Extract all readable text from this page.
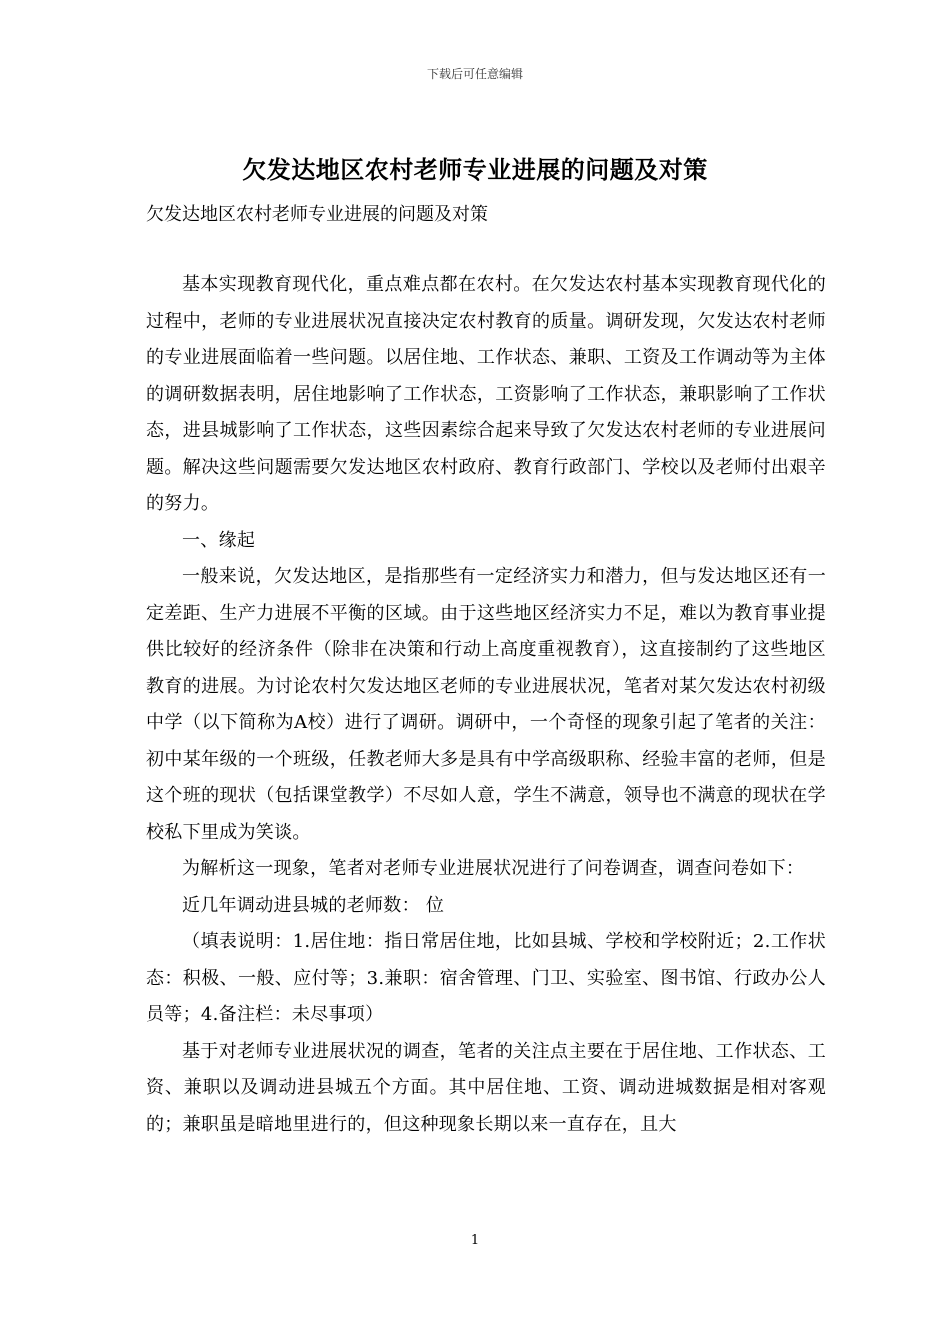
下载后可任意编辑
欠发达地区农村老师专业进展的问题及对策
欠发达地区农村老师专业进展的问题及对策

基本实现教育现代化，重点难点都在农村。在欠发达农村基本实现教育现代化的过程中，老师的专业进展状况直接决定农村教育的质量。调研发现，欠发达农村老师的专业进展面临着一些问题。以居住地、工作状态、兼职、工资及工作调动等为主体的调研数据表明，居住地影响了工作状态，工资影响了工作状态，兼职影响了工作状态，进县城影响了工作状态，这些因素综合起来导致了欠发达农村老师的专业进展问题。解决这些问题需要欠发达地区农村政府、教育行政部门、学校以及老师付出艰辛的努力。

一、缘起

一般来说，欠发达地区，是指那些有一定经济实力和潜力，但与发达地区还有一定差距、生产力进展不平衡的区域。由于这些地区经济实力不足，难以为教育事业提供比较好的经济条件（除非在决策和行动上高度重视教育），这直接制约了这些地区教育的进展。为讨论农村欠发达地区老师的专业进展状况，笔者对某欠发达农村初级中学（以下简称为A校）进行了调研。调研中，一个奇怪的现象引起了笔者的关注：初中某年级的一个班级，任教老师大多是具有中学高级职称、经验丰富的老师，但是这个班的现状（包括课堂教学）不尽如人意，学生不满意，领导也不满意的现状在学校私下里成为笑谈。

为解析这一现象，笔者对老师专业进展状况进行了问卷调查，调查问卷如下：

近几年调动进县城的老师数： 位

（填表说明：1.居住地：指日常居住地，比如县城、学校和学校附近；2.工作状态：积极、一般、应付等；3.兼职：宿舍管理、门卫、实验室、图书馆、行政办公人员等；4.备注栏：未尽事项）

基于对老师专业进展状况的调查，笔者的关注点主要在于居住地、工作状态、工资、兼职以及调动进县城五个方面。其中居住地、工资、调动进城数据是相对客观的；兼职虽是暗地里进行的，但这种现象长期以来一直存在，且大

1
